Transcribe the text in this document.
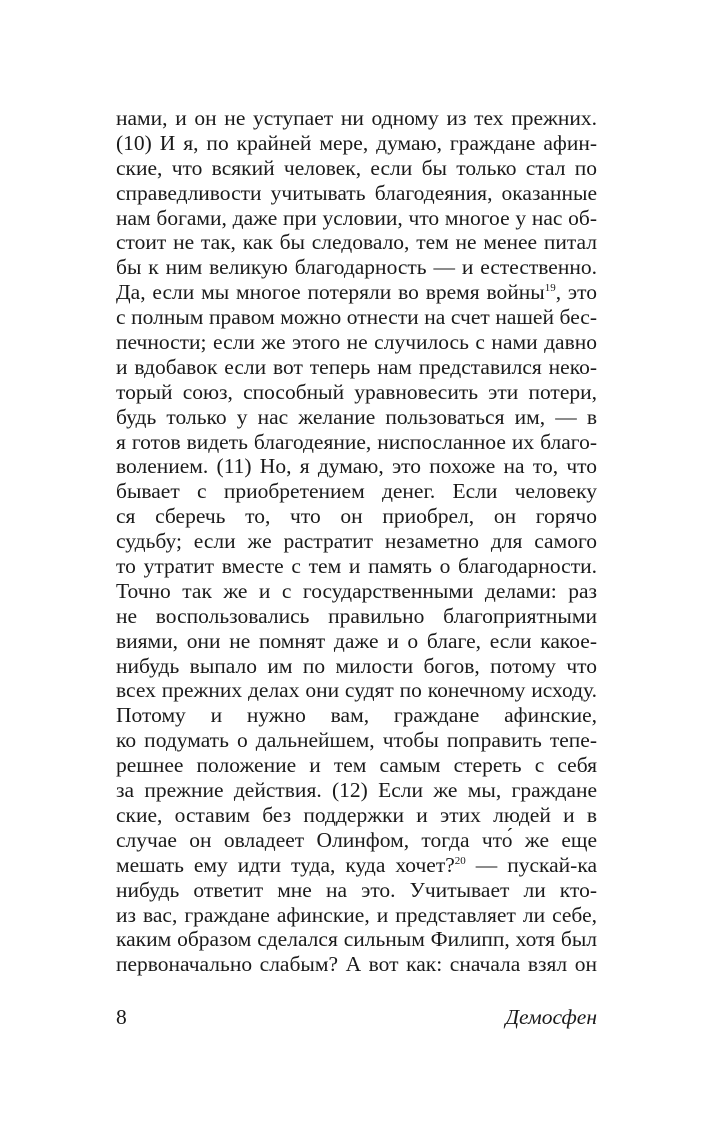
нами, и он не уступает ни одному из тех прежних.
(10) И я, по крайней мере, думаю, граждане афин-
ские, что всякий человек, если бы только стал по
справедливости учитывать благодеяния, оказанные
нам богами, даже при условии, что многое у нас об-
стоит не так, как бы следовало, тем не менее питал
бы к ним великую благодарность — и естественно.
Да, если мы многое потеряли во время войны$^{19}$, это
с полным правом можно отнести на счет нашей бес-
печности; если же этого не случилось с нами давно
и вдобавок если вот теперь нам представился неко-
торый союз, способный уравновесить эти потери,
будь только у нас желание пользоваться им, — в
я готов видеть благодеяние, ниспосланное их благо-
волением. (11) Но, я думаю, это похоже на то, что
бывает с приобретением денег. Если человеку
ся сберечь то, что он приобрел, он горячо
судьбу; если же растратит незаметно для самого
то утратит вместе с тем и память о благодарности.
Точно так же и с государственными делами: раз
не воспользовались правильно благоприятными
виями, они не помнят даже и о благе, если какое-
нибудь выпало им по милости богов, потому что
всех прежних делах они судят по конечному исходу.
Потому и нужно вам, граждане афинские,
ко подумать о дальнейшем, чтобы поправить тепе-
решнее положение и тем самым стереть с себя
за прежние действия. (12) Если же мы, граждане
ские, оставим без поддержки и этих людей и в
случае он овладеет Олинфом, тогда что́ же еще
мешать ему идти туда, куда хочет?$^{20}$ — пускай-ка
нибудь ответит мне на это. Учитывает ли кто-
из вас, граждане афинские, и представляет ли себе,
каким образом сделался сильным Филипп, хотя был
первоначально слабым? А вот как: сначала взял он
8	Демосфен
